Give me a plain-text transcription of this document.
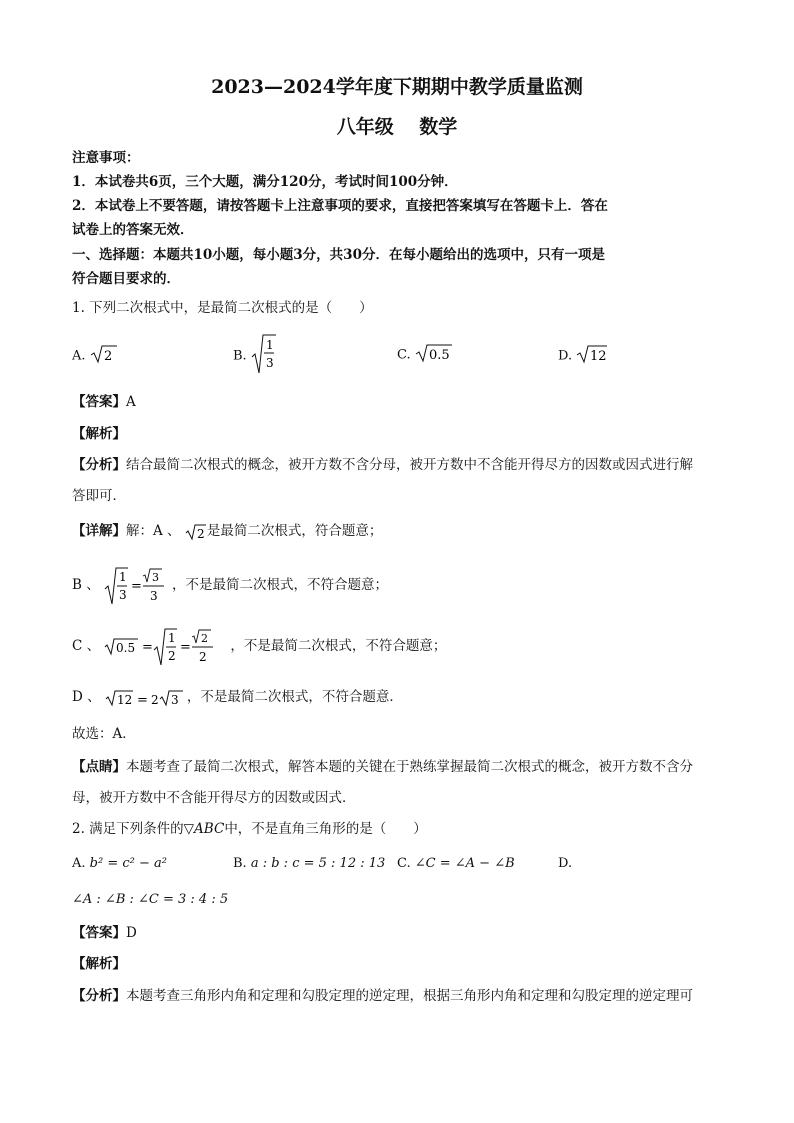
2023—2024学年度下期期中教学质量监测
八年级　 数学
注意事项：
1．本试卷共6页，三个大题，满分120分，考试时间100分钟．
2．本试卷上不要答题，请按答题卡上注意事项的要求，直接把答案填写在答题卡上．答在
试卷上的答案无效．
一、选择题：本题共10小题，每小题3分，共30分．在每小题给出的选项中，只有一项是
符合题目要求的．
1. 下列二次根式中，是最简二次根式的是（　　）
A. 2	B.
1
3
C. 0.5	D. 12
【答案】A
【解析】
【分析】结合最简二次根式的概念，被开方数不含分母，被开方数中不含能开得尽方的因数或因式进行解
答即可．
【详解】解：A 、 2 是最简二次根式，符合题意；
B 、
1
3
=
3
3
，不是最简二次根式，不符合题意；
C 、 0.5 =
1
2
=
2
2
，不是最简二次根式，不符合题意；
D 、 12 = 2 3 ，不是最简二次根式，不符合题意．
故选：A．
【点睛】本题考查了最简二次根式，解答本题的关键在于熟练掌握最简二次根式的概念，被开方数不含分
母，被开方数中不含能开得尽方的因数或因式．
2. 满足下列条件的▽ABC中，不是直角三角形的是（　　）
A. b² = c² − a²	B. a : b : c = 5 : 12 : 13 C. ∠C = ∠A − ∠B	D.
∠A : ∠B : ∠C = 3 : 4 : 5
【答案】D
【解析】
【分析】本题考查三角形内角和定理和勾股定理的逆定理，根据三角形内角和定理和勾股定理的逆定理可
